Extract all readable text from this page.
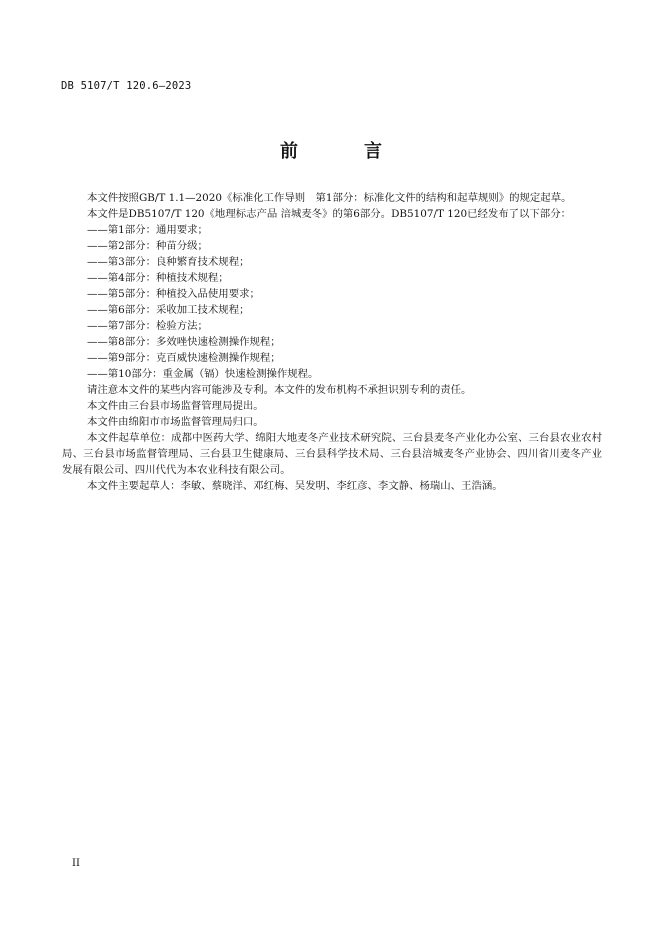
DB 5107/T 120.6—2023
前　言

本文件按照GB/T 1.1—2020《标准化工作导则　第1部分：标准化文件的结构和起草规则》的规定起草。

本文件是DB5107/T 120《地理标志产品 涪城麦冬》的第6部分。DB5107/T 120已经发布了以下部分：

——第1部分：通用要求；

——第2部分：种苗分级；

——第3部分：良种繁育技术规程；

——第4部分：种植技术规程；

——第5部分：种植投入品使用要求；

——第6部分：采收加工技术规程；

——第7部分：检验方法；

——第8部分：多效唑快速检测操作规程；

——第9部分：克百威快速检测操作规程；

——第10部分：重金属（镉）快速检测操作规程。

请注意本文件的某些内容可能涉及专利。本文件的发布机构不承担识别专利的责任。

本文件由三台县市场监督管理局提出。

本文件由绵阳市市场监督管理局归口。

本文件起草单位：成都中医药大学、绵阳大地麦冬产业技术研究院、三台县麦冬产业化办公室、三台县农业农村局、三台县市场监督管理局、三台县卫生健康局、三台县科学技术局、三台县涪城麦冬产业协会、四川省川麦冬产业发展有限公司、四川代代为本农业科技有限公司。

本文件主要起草人：李敏、蔡晓洋、邓红梅、吴发明、李红彦、李文静、杨瑞山、王浩涵。

II
